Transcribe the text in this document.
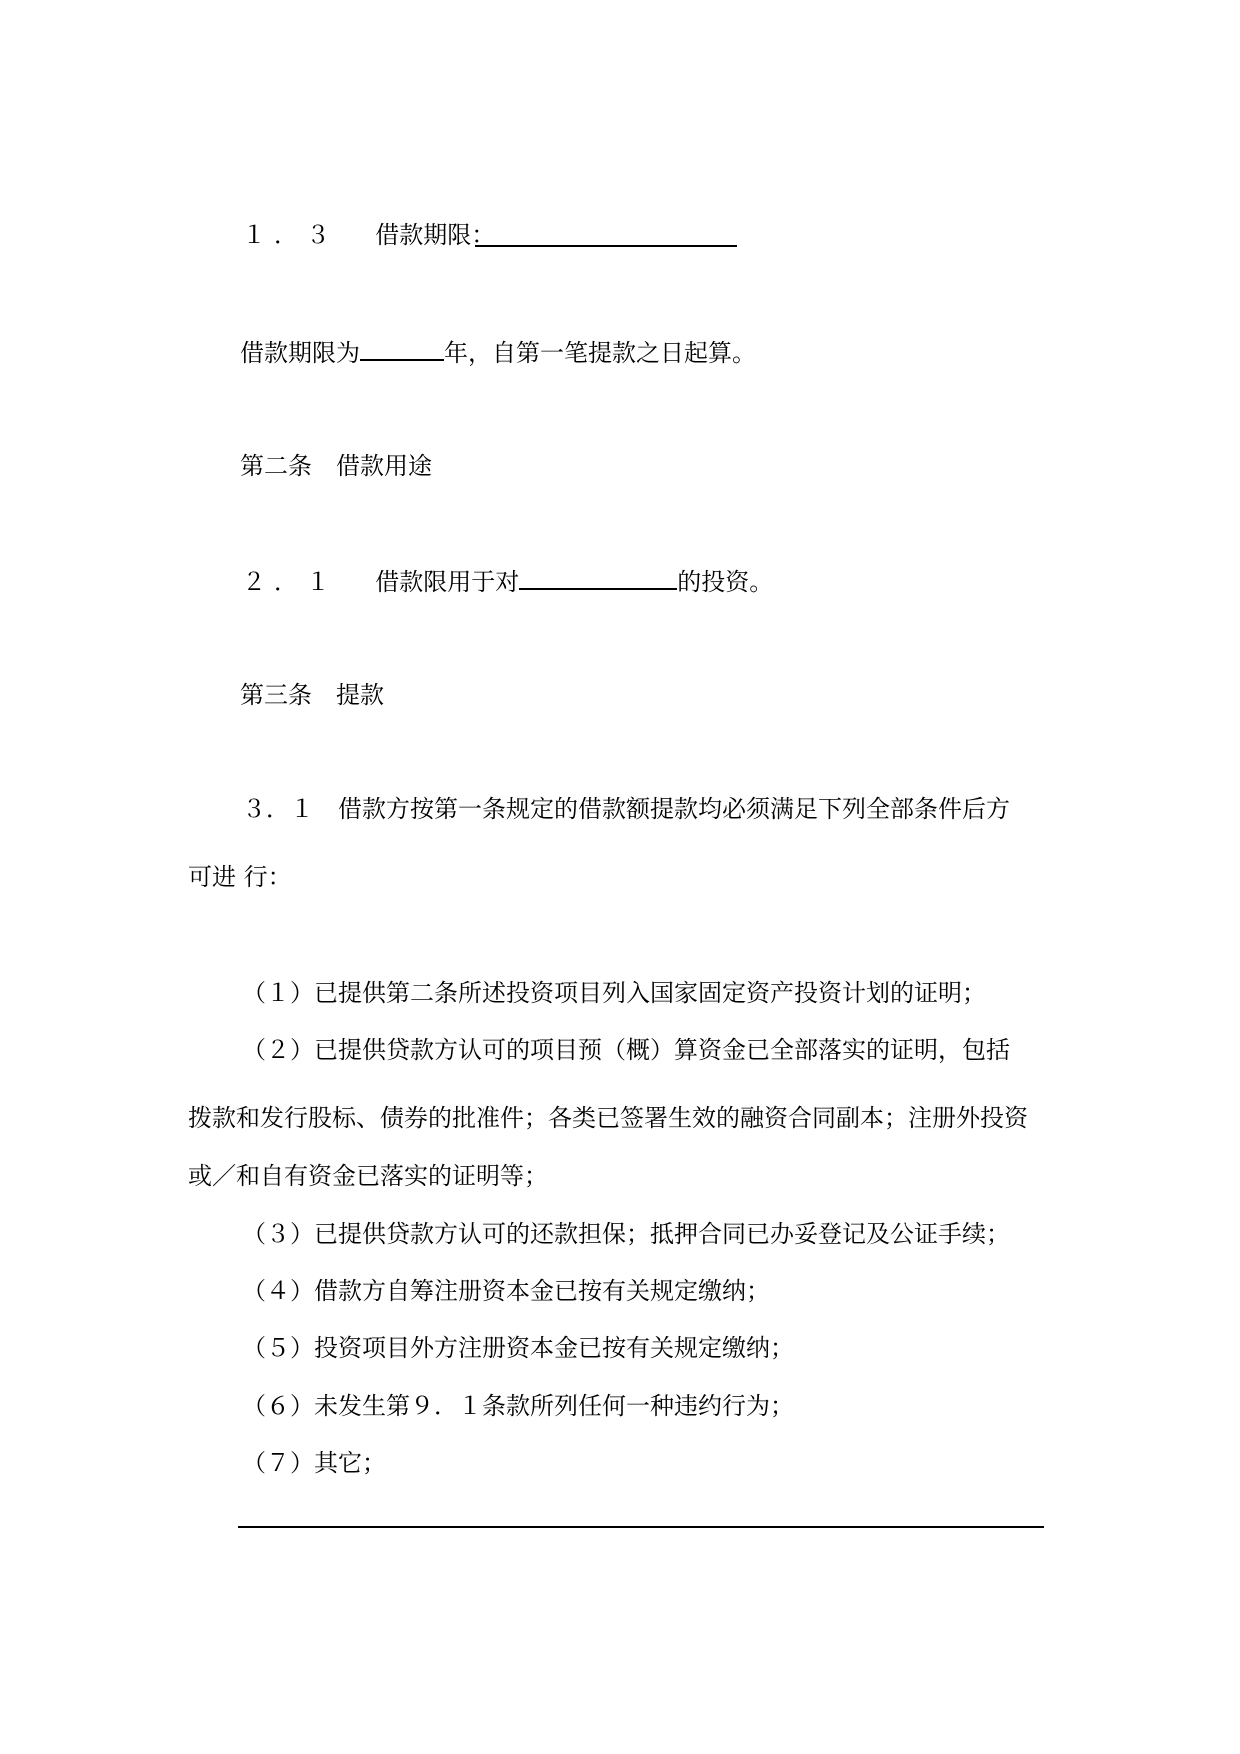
１．３ 借款期限：
借款期限为	年，自第一笔提款之日起算。
第二条　借款用途
２．１ 借款限用于对	的投资。
第三条　提款
３．１　借款方按第一条规定的借款额提款均必须满足下列全部条件后方
可进 行：
（１）已提供第二条所述投资项目列入国家固定资产投资计划的证明；
（２）已提供贷款方认可的项目预（概）算资金已全部落实的证明，包括
拨款和发行股标、债券的批准件；各类已签署生效的融资合同副本；注册外投资
或／和自有资金已落实的证明等；
（３）已提供贷款方认可的还款担保；抵押合同已办妥登记及公证手续；
（４）借款方自筹注册资本金已按有关规定缴纳；
（５）投资项目外方注册资本金已按有关规定缴纳；
（６）未发生第９．１条款所列任何一种违约行为；
（７）其它；
